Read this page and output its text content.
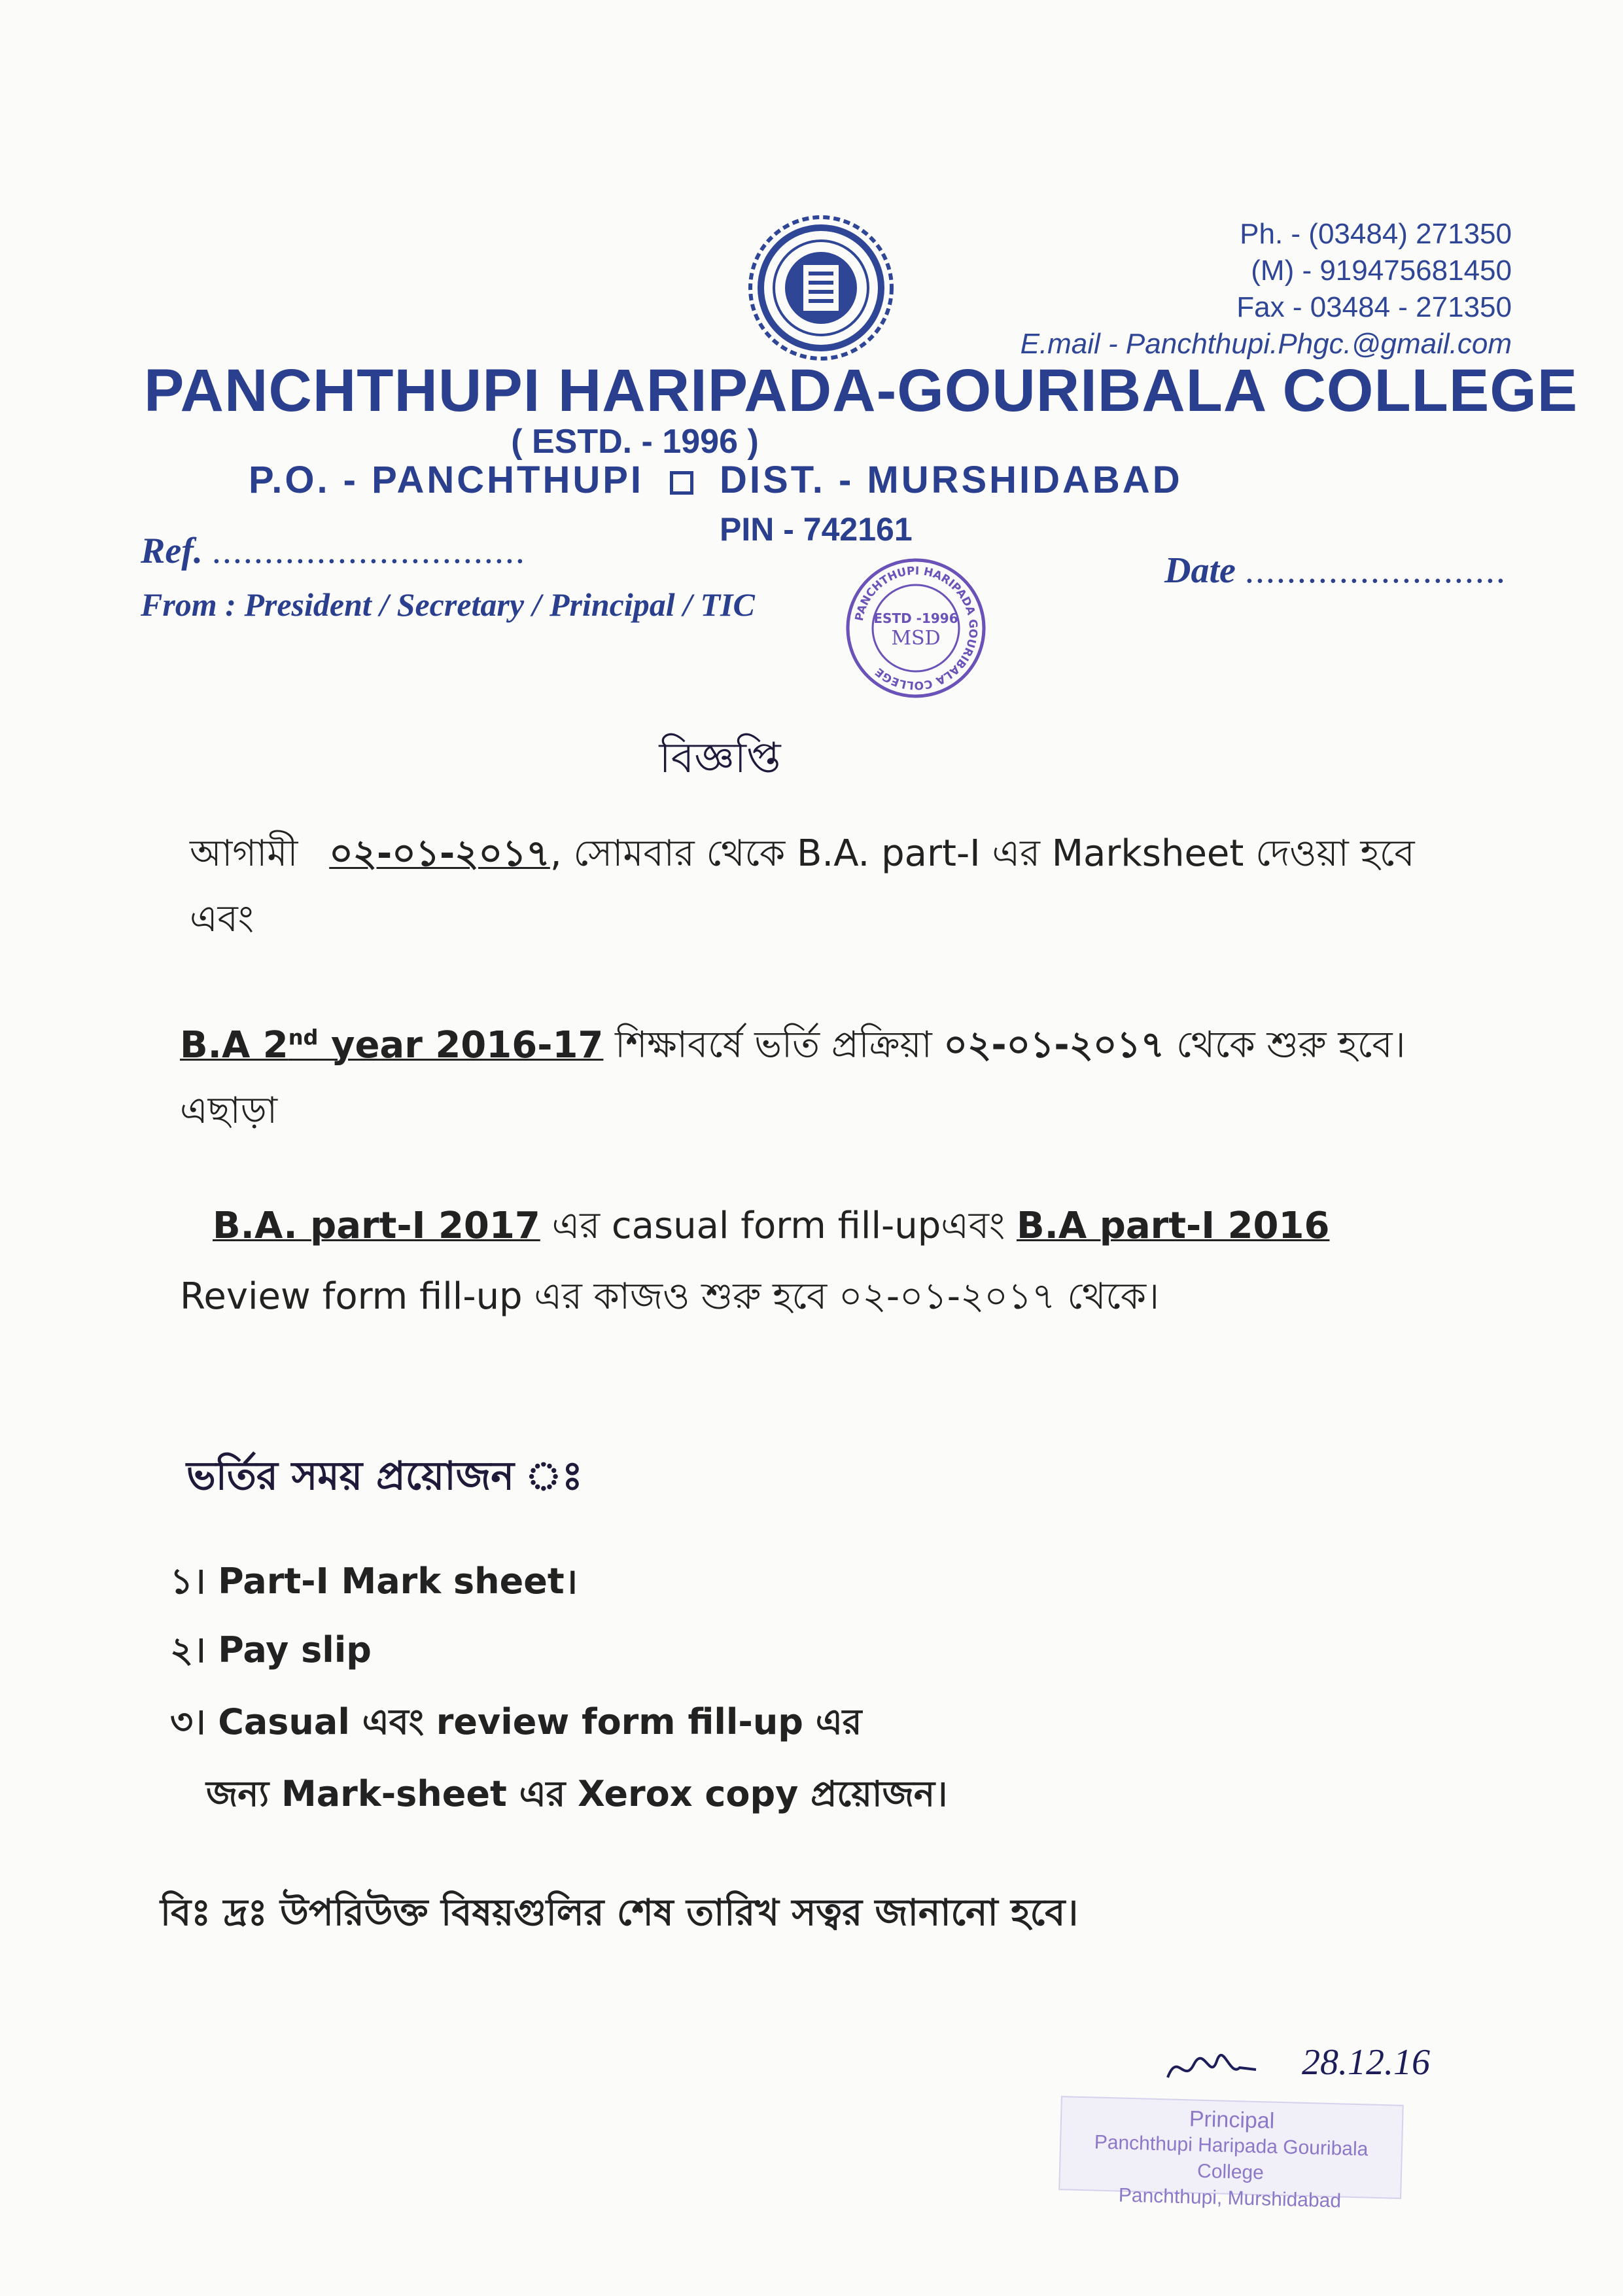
Ph. - (03484) 271350
(M) - 919475681450
Fax - 03484 - 271350
E.mail - Panchthupi.Phgc.@gmail.com
PANCHTHUPI HARIPADA-GOURIBALA COLLEGE
( ESTD. - 1996 )
P.O. - PANCHTHUPI DIST. - MURSHIDABAD
PIN - 742161
Ref. ..............................	Date .........................
From : President / Secretary / Principal / TIC	PANCHTHUPI HARIPADA GOURIBALA COLLEGE
ESTD -1996
MSD
বিজ্ঞপ্তি
আগামী ০২-০১-২০১৭, সোমবার থেকে B.A. part-I এর Marksheet দেওয়া হবে এবং
B.A 2nd year 2016-17 শিক্ষাবর্ষে ভর্তি প্রক্রিয়া ০২-০১-২০১৭ থেকে শুরু হবে। এছাড়া
B.A. part-I 2017 এর casual form fill-upএবং B.A part-I 2016 Review form fill-up এর কাজও শুরু হবে ০২-০১-২০১৭ থেকে।
ভর্তির সময় প্রয়োজন ঃ
১। Part-I Mark sheet।
২। Pay slip
৩। Casual এবং review form fill-up এর
জন্য Mark-sheet এর Xerox copy প্রয়োজন।
বিঃ দ্রঃ উপরিউক্ত বিষয়গুলির শেষ তারিখ সত্বর জানানো হবে।
28.12.16
Principal
Panchthupi Haripada Gouribala College
Panchthupi, Murshidabad
